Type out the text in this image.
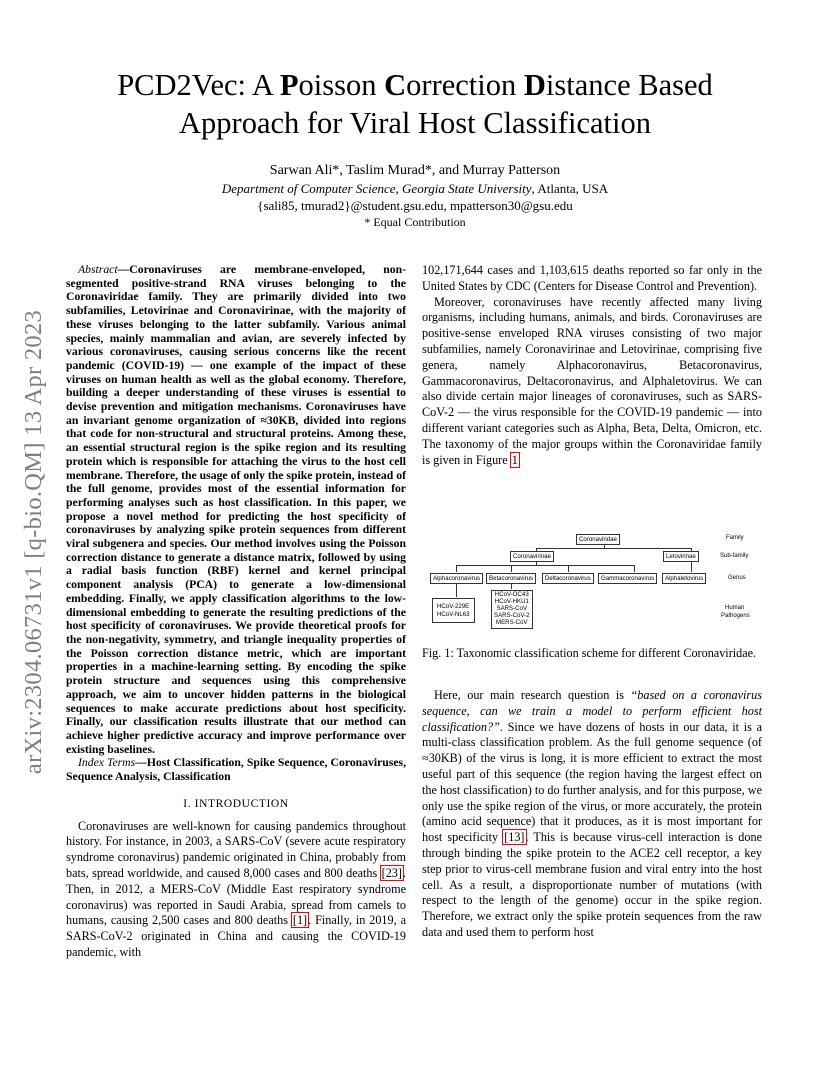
arXiv:2304.06731v1 [q-bio.QM] 13 Apr 2023
PCD2Vec: A Poisson Correction Distance Based
Approach for Viral Host Classification
Sarwan Ali*, Taslim Murad*, and Murray Patterson
Department of Computer Science, Georgia State University, Atlanta, USA
{sali85, tmurad2}@student.gsu.edu, mpatterson30@gsu.edu
* Equal Contribution

Abstract—Coronaviruses are membrane-enveloped, non-segmented positive-strand RNA viruses belonging to the Coronaviridae family. They are primarily divided into two subfamilies, Letovirinae and Coronavirinae, with the majority of these viruses belonging to the latter subfamily. Various animal species, mainly mammalian and avian, are severely infected by various coronaviruses, causing serious concerns like the recent pandemic (COVID-19) — one example of the impact of these viruses on human health as well as the global economy. Therefore, building a deeper understanding of these viruses is essential to devise prevention and mitigation mechanisms. Coronaviruses have an invariant genome organization of ≈30KB, divided into regions that code for non-structural and structural proteins. Among these, an essential structural region is the spike region and its resulting protein which is responsible for attaching the virus to the host cell membrane. Therefore, the usage of only the spike protein, instead of the full genome, provides most of the essential information for performing analyses such as host classification. In this paper, we propose a novel method for predicting the host specificity of coronaviruses by analyzing spike protein sequences from different viral subgenera and species. Our method involves using the Poisson correction distance to generate a distance matrix, followed by using a radial basis function (RBF) kernel and kernel principal component analysis (PCA) to generate a low-dimensional embedding. Finally, we apply classification algorithms to the low-dimensional embedding to generate the resulting predictions of the host specificity of coronaviruses. We provide theoretical proofs for the non-negativity, symmetry, and triangle inequality properties of the Poisson correction distance metric, which are important properties in a machine-learning setting. By encoding the spike protein structure and sequences using this comprehensive approach, we aim to uncover hidden patterns in the biological sequences to make accurate predictions about host specificity. Finally, our classification results illustrate that our method can achieve higher predictive accuracy and improve performance over existing baselines.

Index Terms—Host Classification, Spike Sequence, Coronaviruses, Sequence Analysis, Classification

I. INTRODUCTION

Coronaviruses are well-known for causing pandemics throughout history. For instance, in 2003, a SARS-CoV (severe acute respiratory syndrome coronavirus) pandemic originated in China, probably from bats, spread worldwide, and caused 8,000 cases and 800 deaths [23]. Then, in 2012, a MERS-CoV (Middle East respiratory syndrome coronavirus) was reported in Saudi Arabia, spread from camels to humans, causing 2,500 cases and 800 deaths [1]. Finally, in 2019, a SARS-CoV-2 originated in China and causing the COVID-19 pandemic, with

102,171,644 cases and 1,103,615 deaths reported so far only in the United States by CDC (Centers for Disease Control and Prevention).

Moreover, coronaviruses have recently affected many living organisms, including humans, animals, and birds. Coronaviruses are positive-sense enveloped RNA viruses consisting of two major subfamilies, namely Coronavirinae and Letovirinae, comprising five genera, namely Alphacoronavirus, Betacoronavirus, Gammacoronavirus, Deltacoronavirus, and Alphaletovirus. We can also divide certain major lineages of coronaviruses, such as SARS-CoV-2 — the virus responsible for the COVID-19 pandemic — into different variant categories such as Alpha, Beta, Delta, Omicron, etc. The taxonomy of the major groups within the Coronaviridae family is given in Figure 1

Coronaviridae
Coronavirinae	Letovirinae
Alphacoronavirus	Betacoronavirus	Deltacoronavirus	Gammacoronavirus	Alphaletovirus
HCoV-229E
HCoV-NL63
HCoV-OC43
HCoV-HKU1
SARS-CoV
SARS-CoV-2
MERS-CoV
Family
Sub-family
Genus
Human
Pathogens
Fig. 1: Taxonomic classification scheme for different Coronaviridae.

Here, our main research question is “based on a coronavirus sequence, can we train a model to perform efficient host classification?”. Since we have dozens of hosts in our data, it is a multi-class classification problem. As the full genome sequence (of ≈30KB) of the virus is long, it is more efficient to extract the most useful part of this sequence (the region having the largest effect on the host classification) to do further analysis, and for this purpose, we only use the spike region of the virus, or more accurately, the protein (amino acid sequence) that it produces, as it is most important for host specificity [13]. This is because virus-cell interaction is done through binding the spike protein to the ACE2 cell receptor, a key step prior to virus-cell membrane fusion and viral entry into the host cell. As a result, a disproportionate number of mutations (with respect to the length of the genome) occur in the spike region. Therefore, we extract only the spike protein sequences from the raw data and used them to perform host
